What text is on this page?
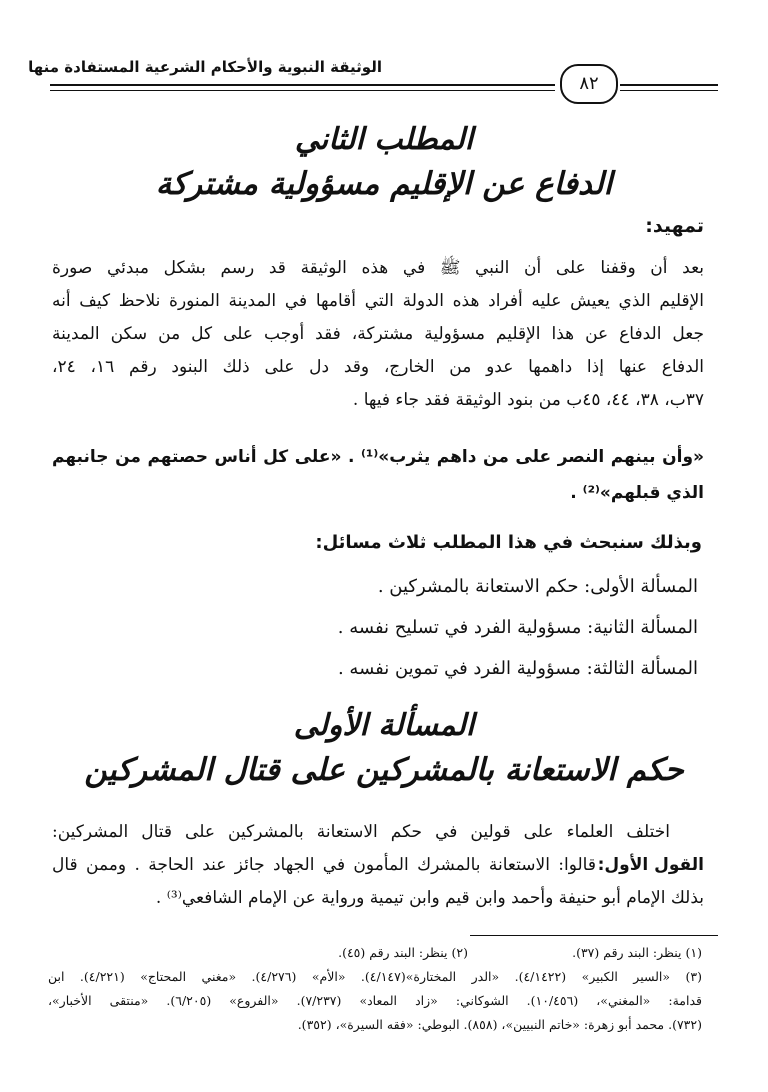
الوثيقة النبوية والأحكام الشرعية المستفادة منها
٨٢
المطلب الثاني
الدفاع عن الإقليم مسؤولية مشتركة
تمهيد:
بعد أن وقفنا على أن النبي ﷺ في هذه الوثيقة قد رسم بشكل مبدئي صورة
الإقليم الذي يعيش عليه أفراد هذه الدولة التي أقامها في المدينة المنورة نلاحظ كيف أنه
جعل الدفاع عن هذا الإقليم مسؤولية مشتركة، فقد أوجب على كل من سكن المدينة
الدفاع عنها إذا داهمها عدو من الخارج، وقد دل على ذلك البنود رقم ١٦، ٢٤،
٣٧ب، ٣٨، ٤٤، ٤٥ب من بنود الوثيقة فقد جاء فيها .
«وأن بينهم النصر على من داهم يثرب»⁽¹⁾ . «على كل أناس حصتهم من جانبهم
الذي قبلهم»⁽²⁾ .
وبذلك سنبحث في هذا المطلب ثلاث مسائل:
المسألة الأولى: حكم الاستعانة بالمشركين .
المسألة الثانية: مسؤولية الفرد في تسليح نفسه .
المسألة الثالثة: مسؤولية الفرد في تموين نفسه .
المسألة الأولى
حكم الاستعانة بالمشركين على قتال المشركين
اختلف العلماء على قولين في حكم الاستعانة بالمشركين على قتال المشركين:
القول الأول:
قالوا: الاستعانة بالمشرك المأمون في الجهاد جائز عند الحاجة . وممن قال
بذلك الإمام أبو حنيفة وأحمد وابن قيم وابن تيمية ورواية عن الإمام الشافعي⁽³⁾ .
(١) ينظر: البند رقم (٣٧).
(٢) ينظر: البند رقم (٤٥).
(٣) «السير الكبير» (٤/١٤٢٢). «الدر المختارة»(٤/١٤٧). «الأم» (٤/٢٧٦). «مغني المحتاج» (٤/٢٢١). ابن
قدامة: «المغني»، (١٠/٤٥٦). الشوكاني: «زاد المعاد» (٧/٢٣٧). «الفروع» (٦/٢٠٥). «منتقى الأخبار»،
(٧٣٢). محمد أبو زهرة: «خاتم النبيين»، (٨٥٨). البوطي: «فقه السيرة»، (٣٥٢).
